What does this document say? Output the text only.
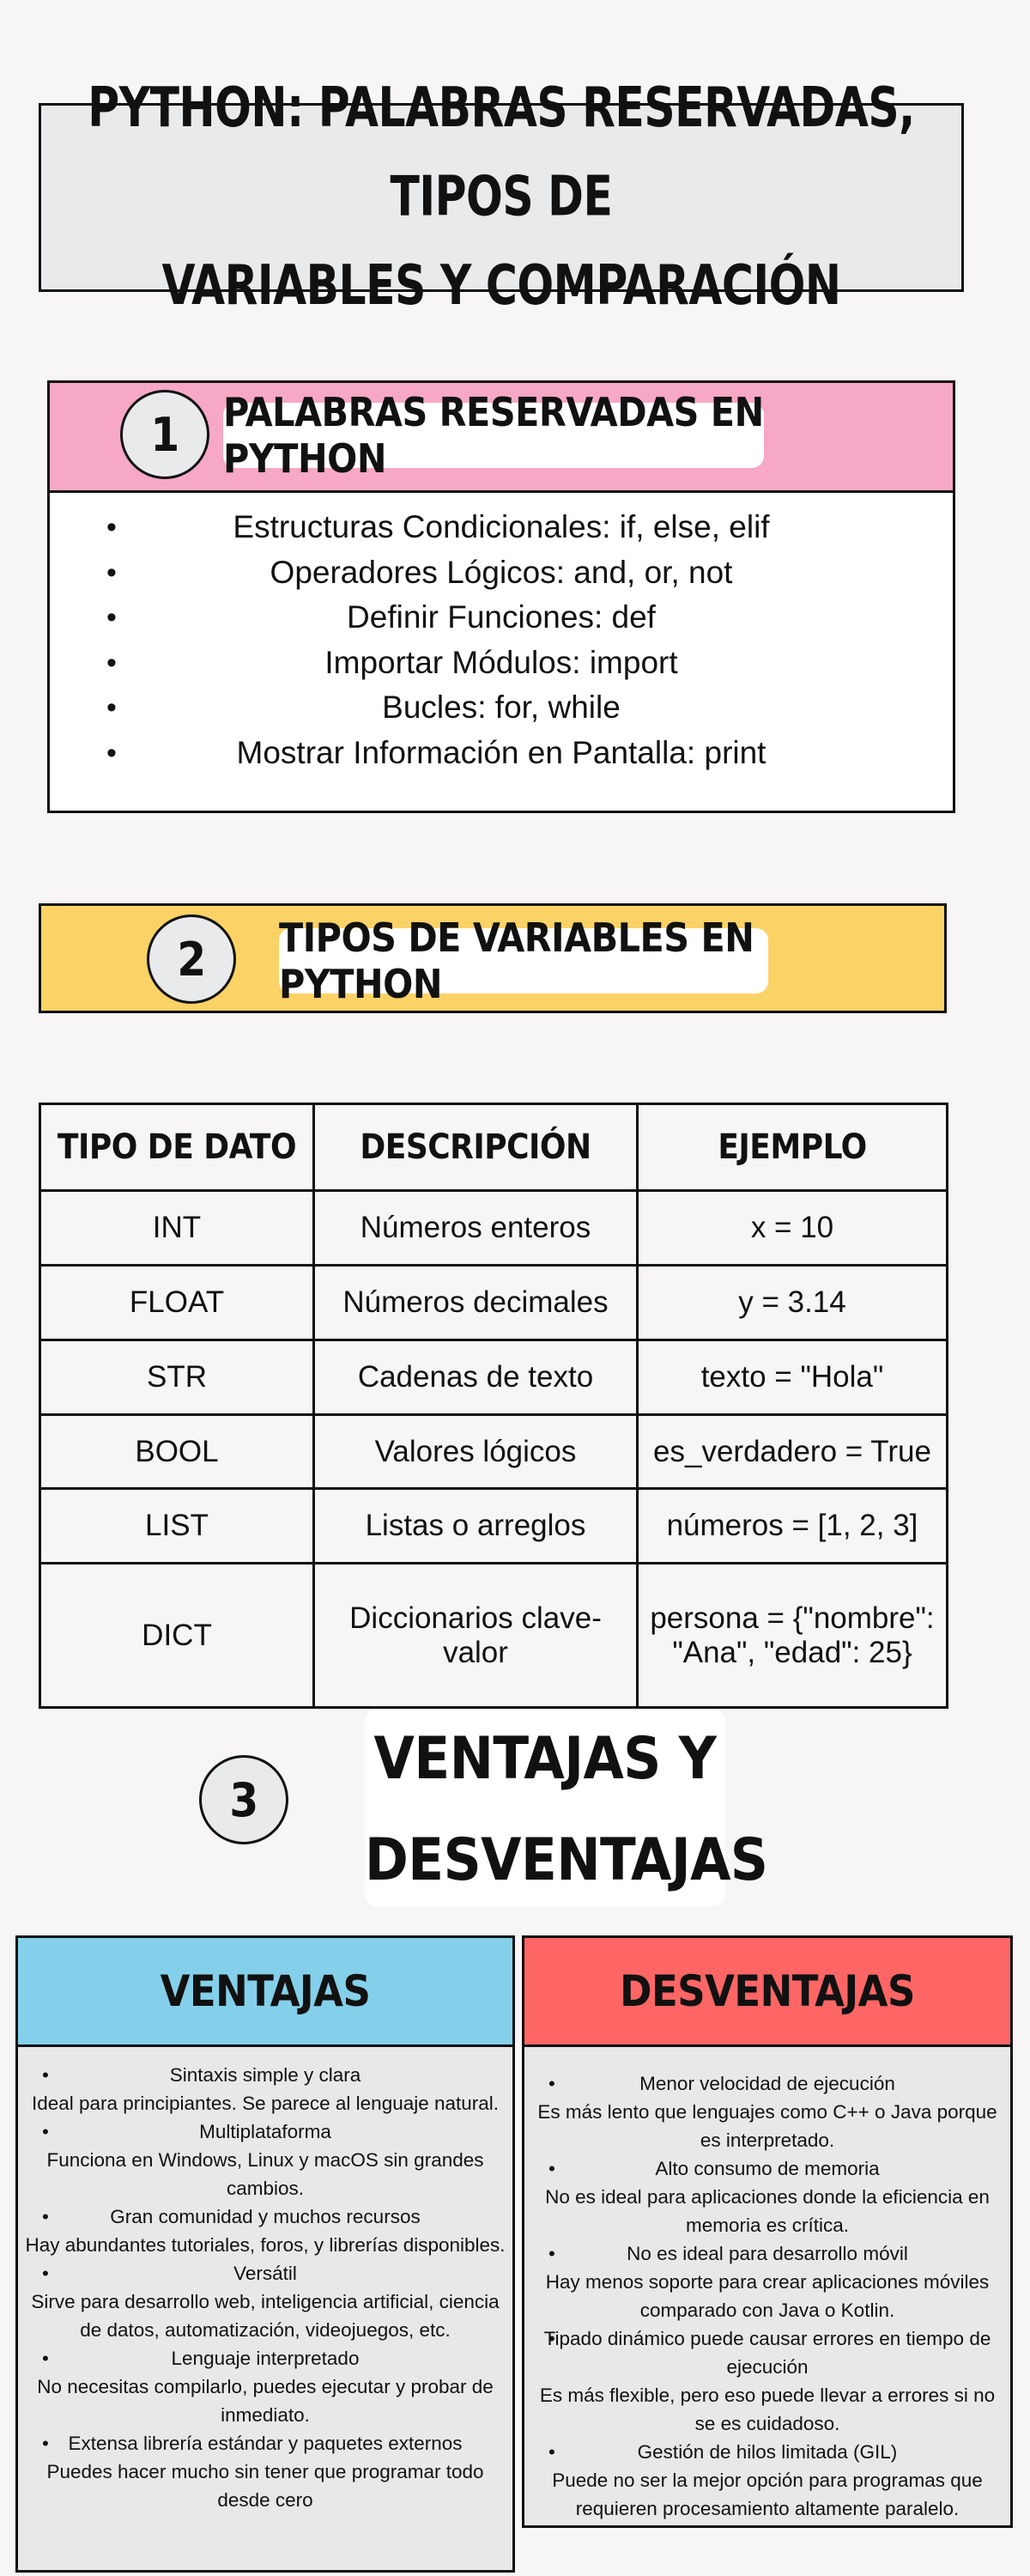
PYTHON: PALABRAS RESERVADAS, TIPOS DE
VARIABLES Y COMPARACIÓN
1	PALABRAS RESERVADAS EN PYTHON
• Estructuras Condicionales: if, else, elif
• Operadores Lógicos: and, or, not
• Definir Funciones: def
• Importar Módulos: import
• Bucles: for, while
• Mostrar Información en Pantalla: print
2	TIPOS DE VARIABLES EN PYTHON
TIPO DE DATO	DESCRIPCIÓN	EJEMPLO
INT	Números enteros	x = 10
FLOAT	Números decimales	y = 3.14
STR	Cadenas de texto	texto = "Hola"
BOOL	Valores lógicos	es_verdadero = True
LIST	Listas o arreglos	números = [1, 2, 3]
DICT	Diccionarios clave-valor	persona = {"nombre": "Ana", "edad": 25}
3
VENTAJAS Y
DESVENTAJAS
VENTAJAS	DESVENTAJAS
• Sintaxis simple y clara
Ideal para principiantes. Se parece al lenguaje natural.
• Multiplataforma
Funciona en Windows, Linux y macOS sin grandes cambios.
• Gran comunidad y muchos recursos
Hay abundantes tutoriales, foros, y librerías disponibles.
• Versátil
Sirve para desarrollo web, inteligencia artificial, ciencia de datos, automatización, videojuegos, etc.
• Lenguaje interpretado
No necesitas compilarlo, puedes ejecutar y probar de inmediato.
• Extensa librería estándar y paquetes externos
Puedes hacer mucho sin tener que programar todo desde cero
• Menor velocidad de ejecución
Es más lento que lenguajes como C++ o Java porque es interpretado.
• Alto consumo de memoria
No es ideal para aplicaciones donde la eficiencia en memoria es crítica.
• No es ideal para desarrollo móvil
Hay menos soporte para crear aplicaciones móviles comparado con Java o Kotlin.
• Tipado dinámico puede causar errores en tiempo de ejecución
Es más flexible, pero eso puede llevar a errores si no se es cuidadoso.
• Gestión de hilos limitada (GIL)
Puede no ser la mejor opción para programas que requieren procesamiento altamente paralelo.
